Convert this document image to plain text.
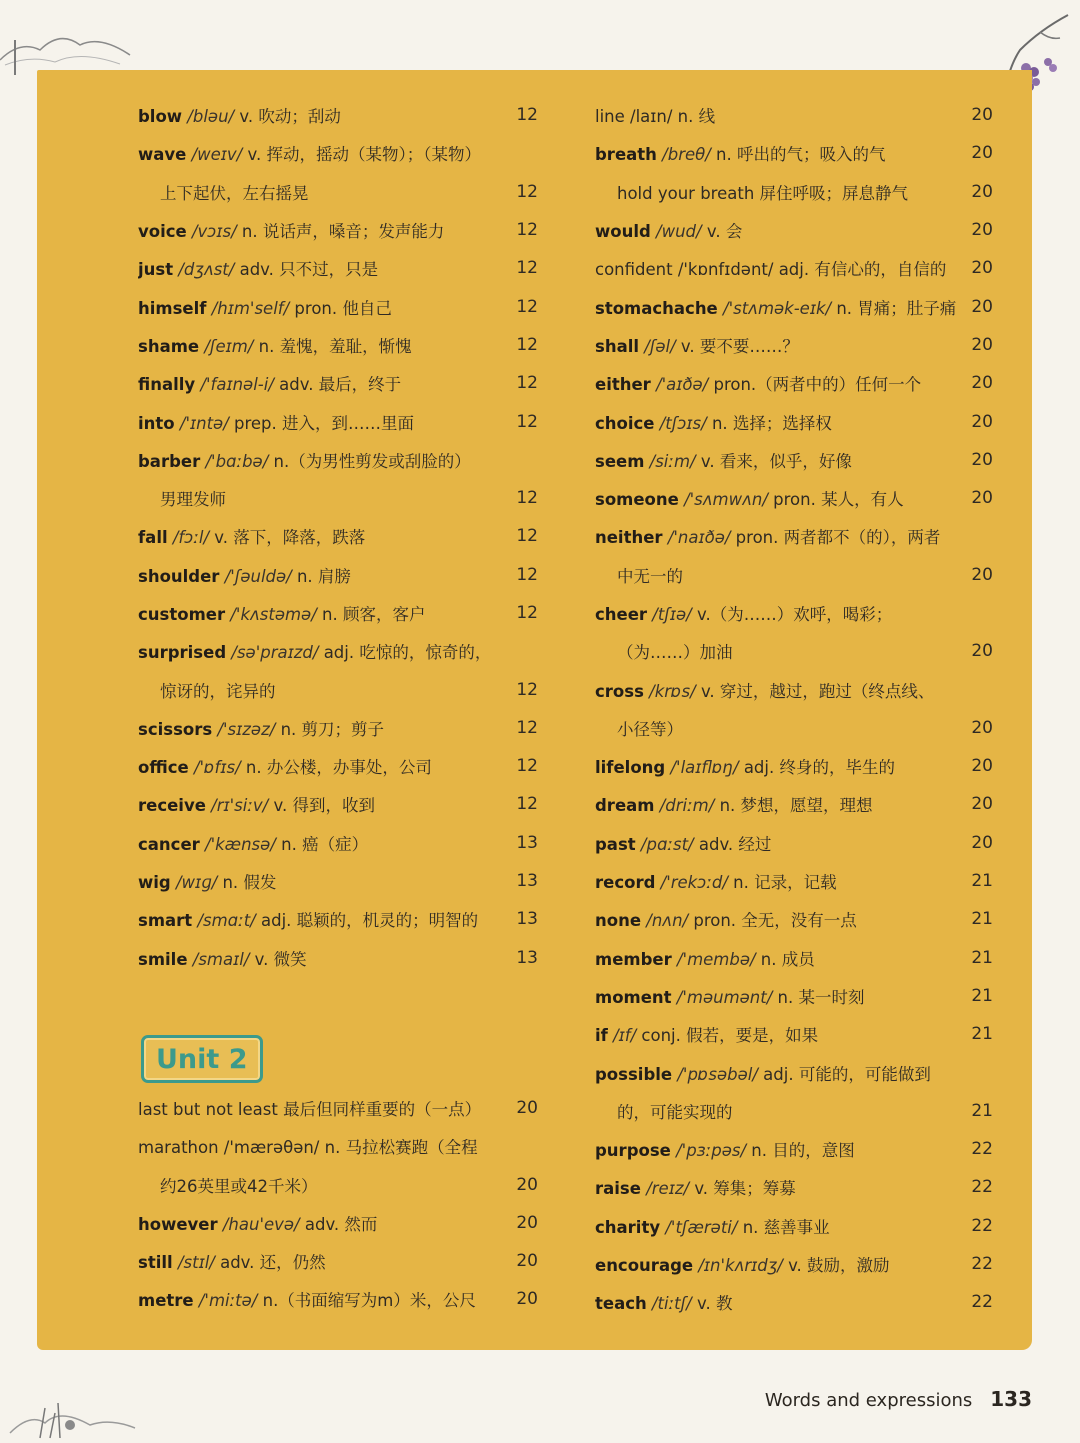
blow /bləu/ v. 吹动；刮动	12
wave /weɪv/ v. 挥动，摇动（某物）；（某物）
上下起伏，左右摇晃	12
voice /vɔɪs/ n. 说话声，嗓音；发声能力	12
just /dʒʌst/ adv. 只不过，只是	12
himself /hɪm'self/ pron. 他自己	12
shame /ʃeɪm/ n. 羞愧，羞耻，惭愧	12
finally /'faɪnəl-i/ adv. 最后，终于	12
into /'ɪntə/ prep. 进入，到……里面	12
barber /'bɑːbə/ n.（为男性剪发或刮脸的）
男理发师	12
fall /fɔːl/ v. 落下，降落，跌落	12
shoulder /'ʃəuldə/ n. 肩膀	12
customer /'kʌstəmə/ n. 顾客，客户	12
surprised /sə'praɪzd/ adj. 吃惊的，惊奇的，
惊讶的，诧异的	12
scissors /'sɪzəz/ n. 剪刀；剪子	12
office /'ɒfɪs/ n. 办公楼，办事处，公司	12
receive /rɪ'siːv/ v. 得到，收到	12
cancer /'kænsə/ n. 癌（症）	13
wig /wɪɡ/ n. 假发	13
smart /smɑːt/ adj. 聪颖的，机灵的；明智的	13
smile /smaɪl/ v. 微笑	13
Unit 2
last but not least 最后但同样重要的（一点）	20
marathon /'mærəθən/ n. 马拉松赛跑（全程
约26英里或42千米）	20
however /hau'evə/ adv. 然而	20
still /stɪl/ adv. 还，仍然	20
metre /'miːtə/ n.（书面缩写为m）米，公尺	20
line /laɪn/ n. 线	20
breath /breθ/ n. 呼出的气；吸入的气	20
hold your breath 屏住呼吸；屏息静气	20
would /wud/ v. 会	20
confident /'kɒnfɪdənt/ adj. 有信心的，自信的	20
stomachache /'stʌmək-eɪk/ n. 胃痛；肚子痛 20
shall /ʃəl/ v. 要不要……？	20
either /'aɪðə/ pron.（两者中的）任何一个	20
choice /tʃɔɪs/ n. 选择；选择权	20
seem /siːm/ v. 看来，似乎，好像	20
someone /'sʌmwʌn/ pron. 某人，有人	20
neither /'naɪðə/ pron. 两者都不（的），两者
中无一的	20
cheer /tʃɪə/ v.（为……）欢呼，喝彩；
（为……）加油	20
cross /krɒs/ v. 穿过，越过，跑过（终点线、
小径等）	20
lifelong /'laɪflɒŋ/ adj. 终身的，毕生的	20
dream /driːm/ n. 梦想，愿望，理想	20
past /pɑːst/ adv. 经过	20
record /'rekɔːd/ n. 记录，记载	21
none /nʌn/ pron. 全无，没有一点	21
member /'membə/ n. 成员	21
moment /'məumənt/ n. 某一时刻	21
if /ɪf/ conj. 假若，要是，如果	21
possible /'pɒsəbəl/ adj. 可能的，可能做到
的，可能实现的	21
purpose /'pɜːpəs/ n. 目的，意图	22
raise /reɪz/ v. 筹集；筹募	22
charity /'tʃærəti/ n. 慈善事业	22
encourage /ɪn'kʌrɪdʒ/ v. 鼓励，激励	22
teach /tiːtʃ/ v. 教	22
Words and expressions 133
